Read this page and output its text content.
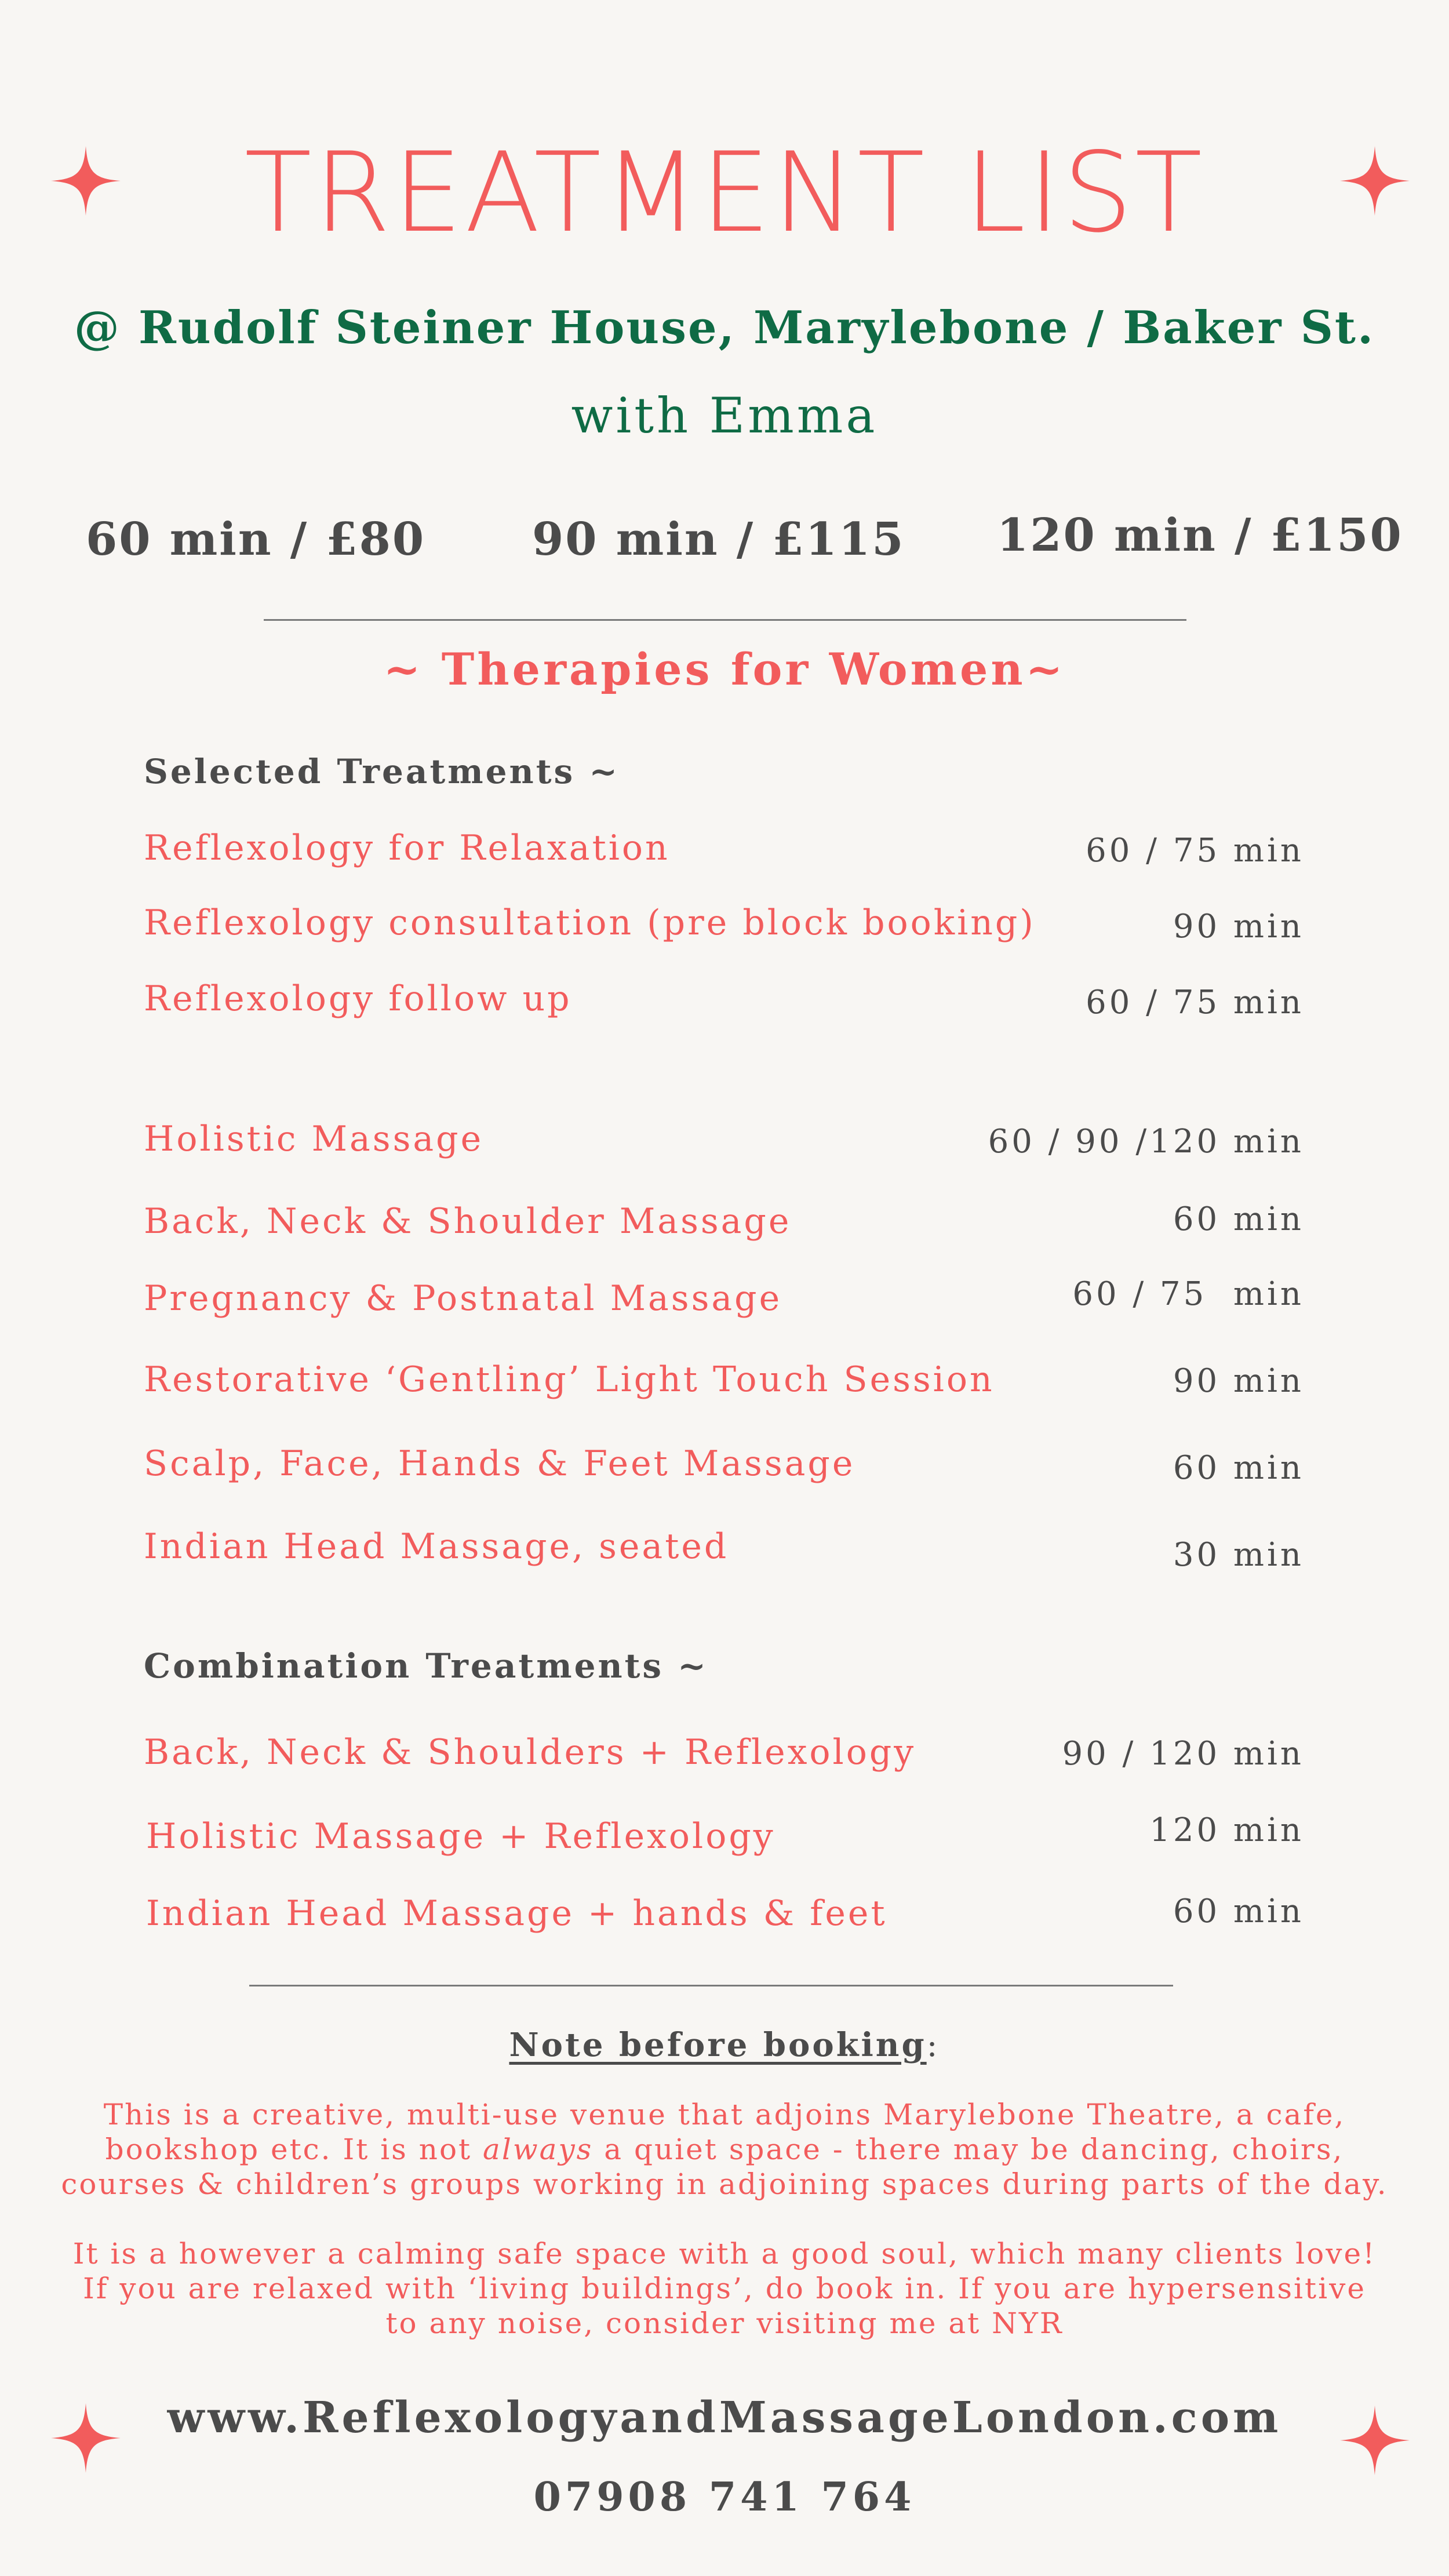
TREATMENT LIST
@ Rudolf Steiner House, Marylebone / Baker St.
with Emma
60 min / £80 90 min / £115 120 min / £150
~ Therapies for Women~
Selected Treatments ~
Reflexology for Relaxation	60 / 75 min
Reflexology consultation (pre block booking)	90 min
Reflexology follow up	60 / 75 min
Holistic Massage	60 / 90 /120 min
Back, Neck & Shoulder Massage	60 min
Pregnancy & Postnatal Massage	60 / 75  min
Restorative ‘Gentling’ Light Touch Session	90 min
Scalp, Face, Hands & Feet Massage	60 min
Indian Head Massage, seated	30 min
Combination Treatments ~
Back, Neck & Shoulders + Reflexology	90 / 120 min
Holistic Massage + Reflexology	120 min
Indian Head Massage + hands & feet	60 min
Note before booking:
This is a creative, multi-use venue that adjoins Marylebone Theatre, a cafe,
bookshop etc. It is not always a quiet space - there may be dancing, choirs,
courses & children’s groups working in adjoining spaces during parts of the day.
It is a however a calming safe space with a good soul, which many clients love!
If you are relaxed with ‘living buildings’, do book in. If you are hypersensitive
to any noise, consider visiting me at NYR
www.ReflexologyandMassageLondon.com
07908 741 764
